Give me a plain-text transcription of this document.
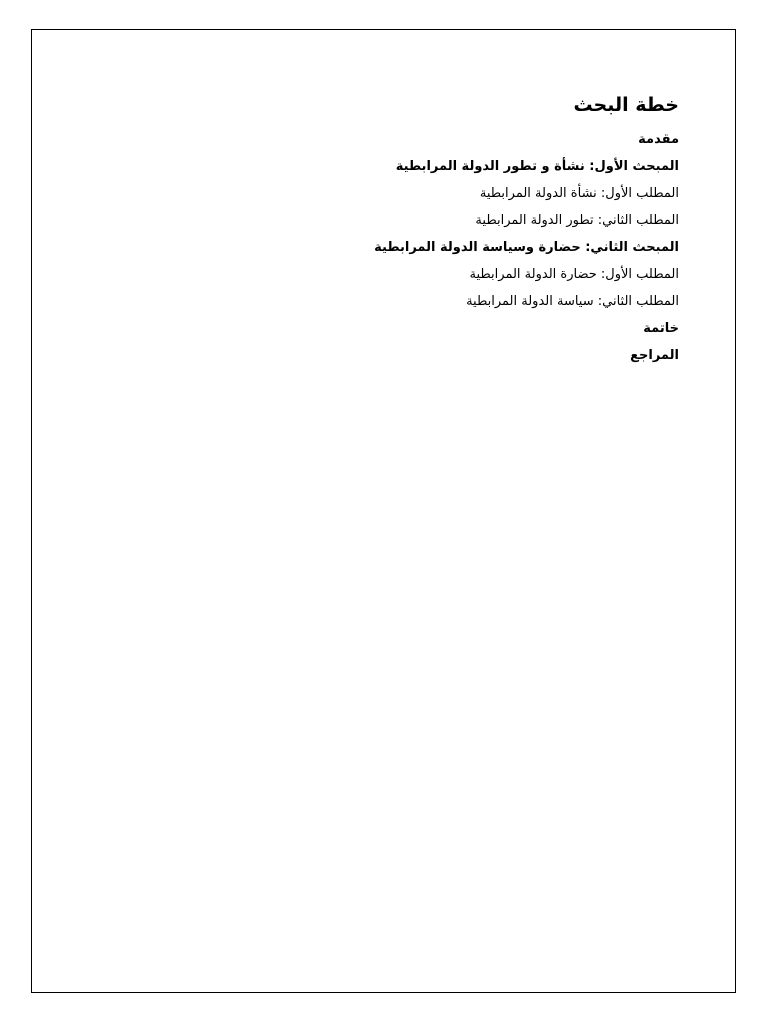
خطة البحث
مقدمة
المبحث الأول: نشأة و تطور الدولة المرابطية
المطلب الأول: نشأة الدولة المرابطية
المطلب الثاني: تطور الدولة المرابطية
المبحث الثاني: حضارة وسياسة الدولة المرابطية
المطلب الأول: حضارة الدولة المرابطية
المطلب الثاني: سياسة الدولة المرابطية
خاتمة
المراجع
